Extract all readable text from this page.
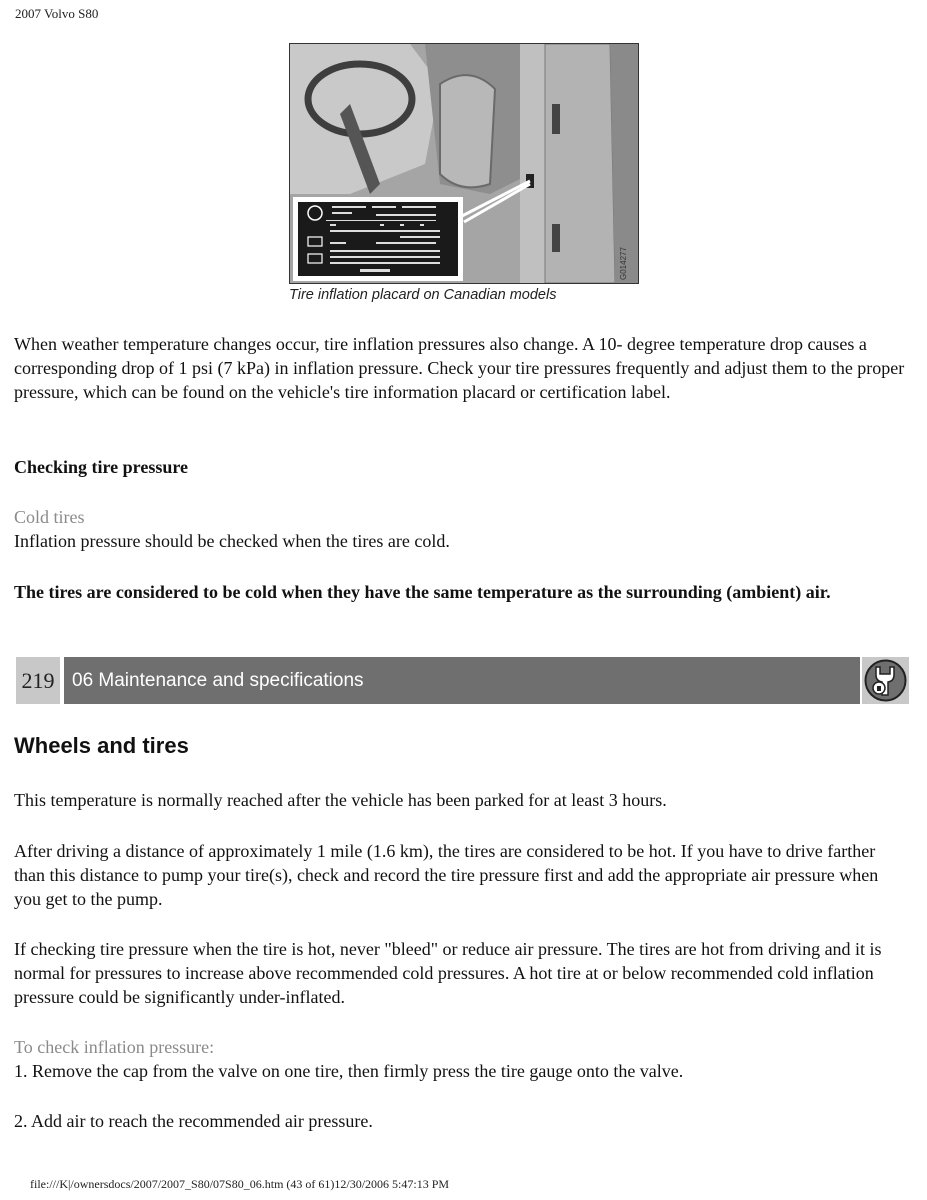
2007 Volvo S80
G014277
Tire inflation placard on Canadian models

When weather temperature changes occur, tire inflation pressures also change. A 10- degree temperature drop causes a corresponding drop of 1 psi (7 kPa) in inflation pressure. Check your tire pressures frequently and adjust them to the proper pressure, which can be found on the vehicle's tire information placard or certification label.

Checking tire pressure

Cold tires

Inflation pressure should be checked when the tires are cold.

The tires are considered to be cold when they have the same temperature as the surrounding (ambient) air.

219 06 Maintenance and specifications
Wheels and tires

This temperature is normally reached after the vehicle has been parked for at least 3 hours.

After driving a distance of approximately 1 mile (1.6 km), the tires are considered to be hot. If you have to drive farther than this distance to pump your tire(s), check and record the tire pressure first and add the appropriate air pressure when you get to the pump.

If checking tire pressure when the tire is hot, never "bleed" or reduce air pressure. The tires are hot from driving and it is normal for pressures to increase above recommended cold pressures. A hot tire at or below recommended cold inflation pressure could be significantly under-inflated.

To check inflation pressure:

1. Remove the cap from the valve on one tire, then firmly press the tire gauge onto the valve.

2. Add air to reach the recommended air pressure.

file:///K|/ownersdocs/2007/2007_S80/07S80_06.htm (43 of 61)12/30/2006 5:47:13 PM
